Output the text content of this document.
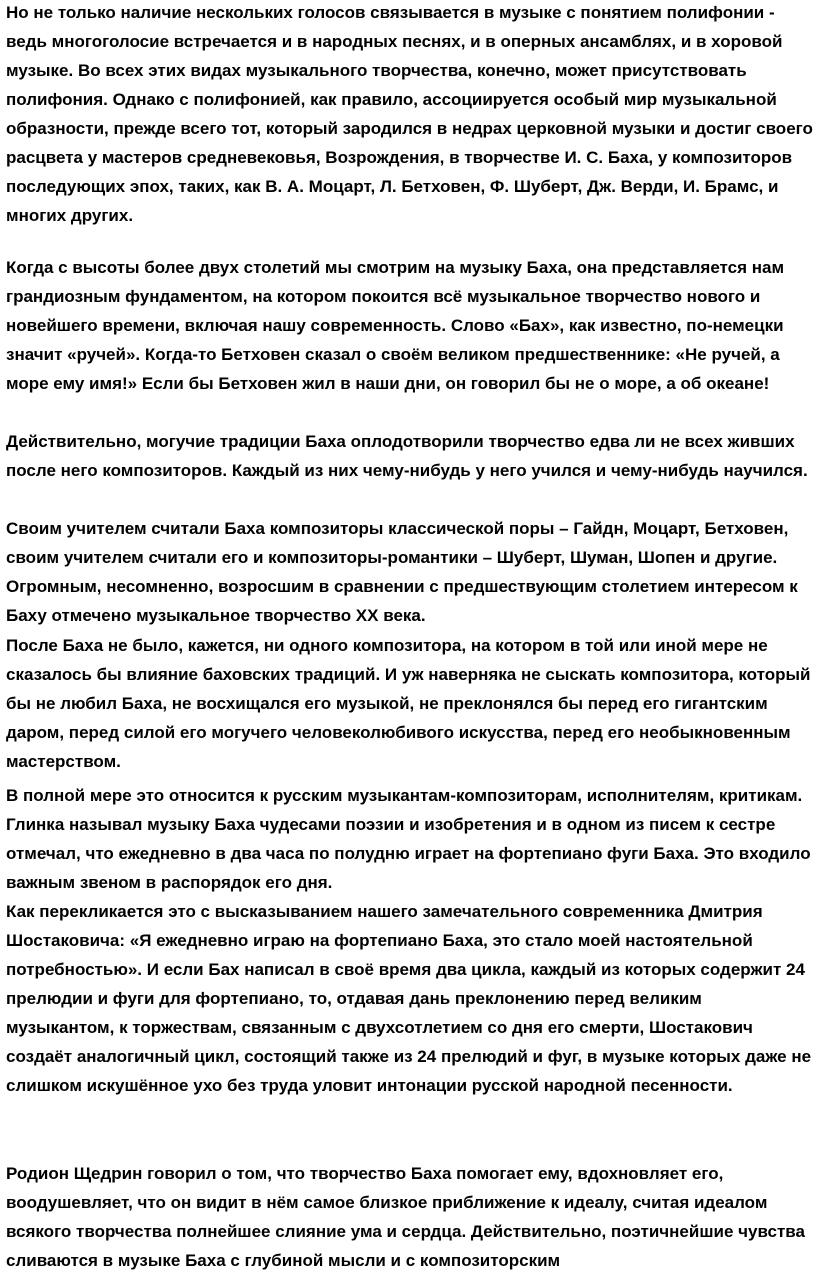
Но не только наличие нескольких голосов связывается в музыке с понятием полифонии - ведь многоголосие встречается и в народных песнях, и в оперных ансамблях, и в хоровой музыке. Во всех этих видах музыкального творчества, конечно, может присутствовать полифония. Однако с полифонией, как правило, ассоциируется особый мир музыкальной образности, прежде всего тот, который зародился в недрах церковной музыки и достиг своего расцвета у мастеров средневековья, Возрождения, в творчестве И. С. Баха, у композиторов последующих эпох, таких, как В. А. Моцарт, Л. Бетховен, Ф. Шуберт, Дж. Верди, И. Брамс, и многих других.

Когда с высоты более двух столетий мы смотрим на музыку Баха, она представляется нам грандиозным фундаментом, на котором покоится всё музыкальное творчество нового и новейшего времени, включая нашу современность. Слово «Бах», как известно, по-немецки значит «ручей». Когда-то Бетховен сказал о своём великом предшественнике: «Не ручей, а море ему имя!» Если бы Бетховен жил в наши дни, он говорил бы не о море, а об океане!

Действительно, могучие традиции Баха оплодотворили творчество едва ли не всех живших после него композиторов. Каждый из них чему-нибудь у него учился и чему-нибудь научился.

Своим учителем считали Баха композиторы классической поры – Гайдн, Моцарт, Бетховен, своим учителем считали его и композиторы-романтики – Шуберт, Шуман, Шопен и другие. Огромным, несомненно, возросшим в сравнении с предшествующим столетием интересом к Баху отмечено музыкальное творчество XX века.

После Баха не было, кажется, ни одного композитора, на котором в той или иной мере не сказалось бы влияние баховских традиций. И уж наверняка не сыскать композитора, который бы не любил Баха, не восхищался его музыкой, не преклонялся бы перед его гигантским даром, перед силой его могучего человеколюбивого искусства, перед его необыкновенным мастерством.

В полной мере это относится к русским музыкантам-композиторам, исполнителям, критикам. Глинка называл музыку Баха чудесами поэзии и изобретения и в одном из писем к сестре отмечал, что ежедневно в два часа по полудню играет на фортепиано фуги Баха. Это входило важным звеном в распорядок его дня.

Как перекликается это с высказыванием нашего замечательного современника Дмитрия Шостаковича: «Я ежедневно играю на фортепиано Баха, это стало моей настоятельной потребностью». И если Бах написал в своё время два цикла, каждый из которых содержит 24 прелюдии и фуги для фортепиано, то, отдавая дань преклонению перед великим музыкантом, к торжествам, связанным с двухсотлетием со дня его смерти, Шостакович создаёт аналогичный цикл, состоящий также из 24 прелюдий и фуг, в музыке которых даже не слишком искушённое ухо без труда уловит интонации русской народной песенности.

Родион Щедрин говорил о том, что творчество Баха помогает ему, вдохновляет его, воодушевляет, что он видит в нём самое близкое приближение к идеалу, считая идеалом всякого творчества полнейшее слияние ума и сердца. Действительно, поэтичнейшие чувства сливаются в музыке Баха с глубиной мысли и с композиторским
